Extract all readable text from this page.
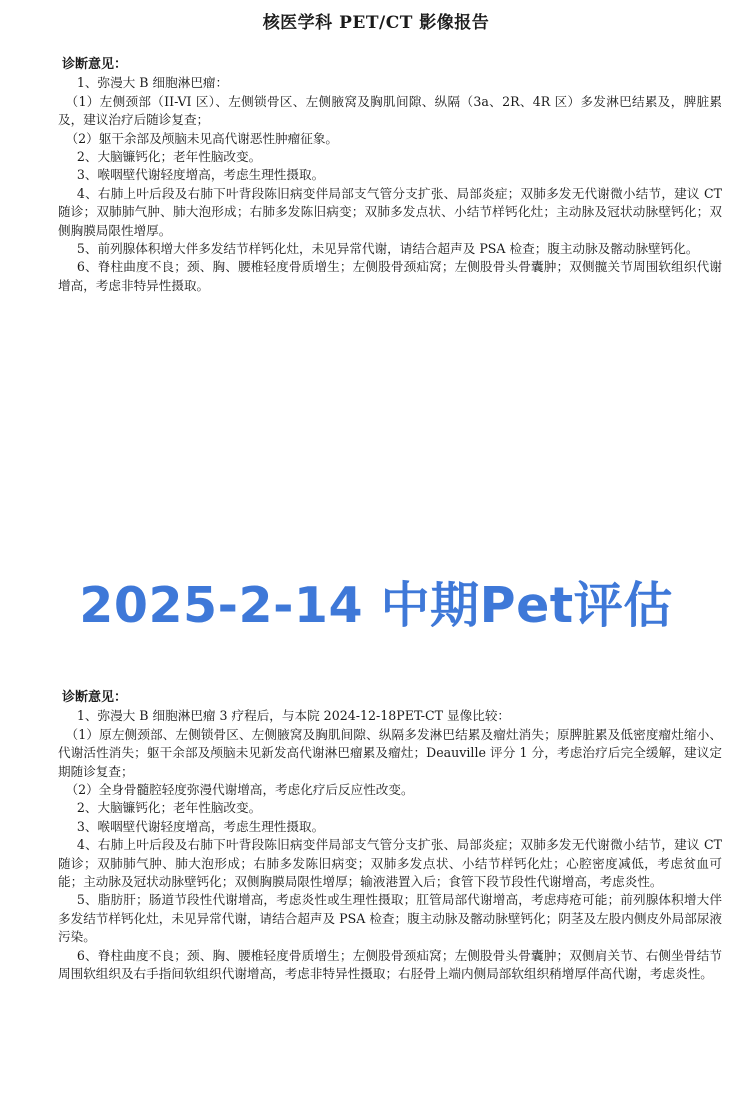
核医学科 PET/CT 影像报告
诊断意见：

1、弥漫大 B 细胞淋巴瘤：

（1）左侧颈部（II-VI 区）、左侧锁骨区、左侧腋窝及胸肌间隙、纵隔（3a、2R、4R 区）多发淋巴结累及，脾脏累及，建议治疗后随诊复查；

（2）躯干余部及颅脑未见高代谢恶性肿瘤征象。

2、大脑镰钙化；老年性脑改变。

3、喉咽壁代谢轻度增高，考虑生理性摄取。

4、右肺上叶后段及右肺下叶背段陈旧病变伴局部支气管分支扩张、局部炎症；双肺多发无代谢微小结节，建议 CT 随诊；双肺肺气肿、肺大泡形成；右肺多发陈旧病变；双肺多发点状、小结节样钙化灶；主动脉及冠状动脉壁钙化；双侧胸膜局限性增厚。

5、前列腺体积增大伴多发结节样钙化灶，未见异常代谢，请结合超声及 PSA 检查；腹主动脉及髂动脉壁钙化。

6、脊柱曲度不良；颈、胸、腰椎轻度骨质增生；左侧股骨颈疝窝；左侧股骨头骨囊肿；双侧髋关节周围软组织代谢增高，考虑非特异性摄取。

2025-2-14 中期Pet评估
诊断意见：

1、弥漫大 B 细胞淋巴瘤 3 疗程后，与本院 2024-12-18PET-CT 显像比较：

（1）原左侧颈部、左侧锁骨区、左侧腋窝及胸肌间隙、纵隔多发淋巴结累及瘤灶消失；原脾脏累及低密度瘤灶缩小、代谢活性消失；躯干余部及颅脑未见新发高代谢淋巴瘤累及瘤灶；Deauville 评分 1 分，考虑治疗后完全缓解，建议定期随诊复查；

（2）全身骨髓腔轻度弥漫代谢增高，考虑化疗后反应性改变。

2、大脑镰钙化；老年性脑改变。

3、喉咽壁代谢轻度增高，考虑生理性摄取。

4、右肺上叶后段及右肺下叶背段陈旧病变伴局部支气管分支扩张、局部炎症；双肺多发无代谢微小结节，建议 CT 随诊；双肺肺气肿、肺大泡形成；右肺多发陈旧病变；双肺多发点状、小结节样钙化灶；心腔密度减低，考虑贫血可能；主动脉及冠状动脉壁钙化；双侧胸膜局限性增厚；输液港置入后；食管下段节段性代谢增高，考虑炎性。

5、脂肪肝；肠道节段性代谢增高，考虑炎性或生理性摄取；肛管局部代谢增高，考虑痔疮可能；前列腺体积增大伴多发结节样钙化灶，未见异常代谢，请结合超声及 PSA 检查；腹主动脉及髂动脉壁钙化；阴茎及左股内侧皮外局部尿液污染。

6、脊柱曲度不良；颈、胸、腰椎轻度骨质增生；左侧股骨颈疝窝；左侧股骨头骨囊肿；双侧肩关节、右侧坐骨结节周围软组织及右手指间软组织代谢增高，考虑非特异性摄取；右胫骨上端内侧局部软组织稍增厚伴高代谢，考虑炎性。
